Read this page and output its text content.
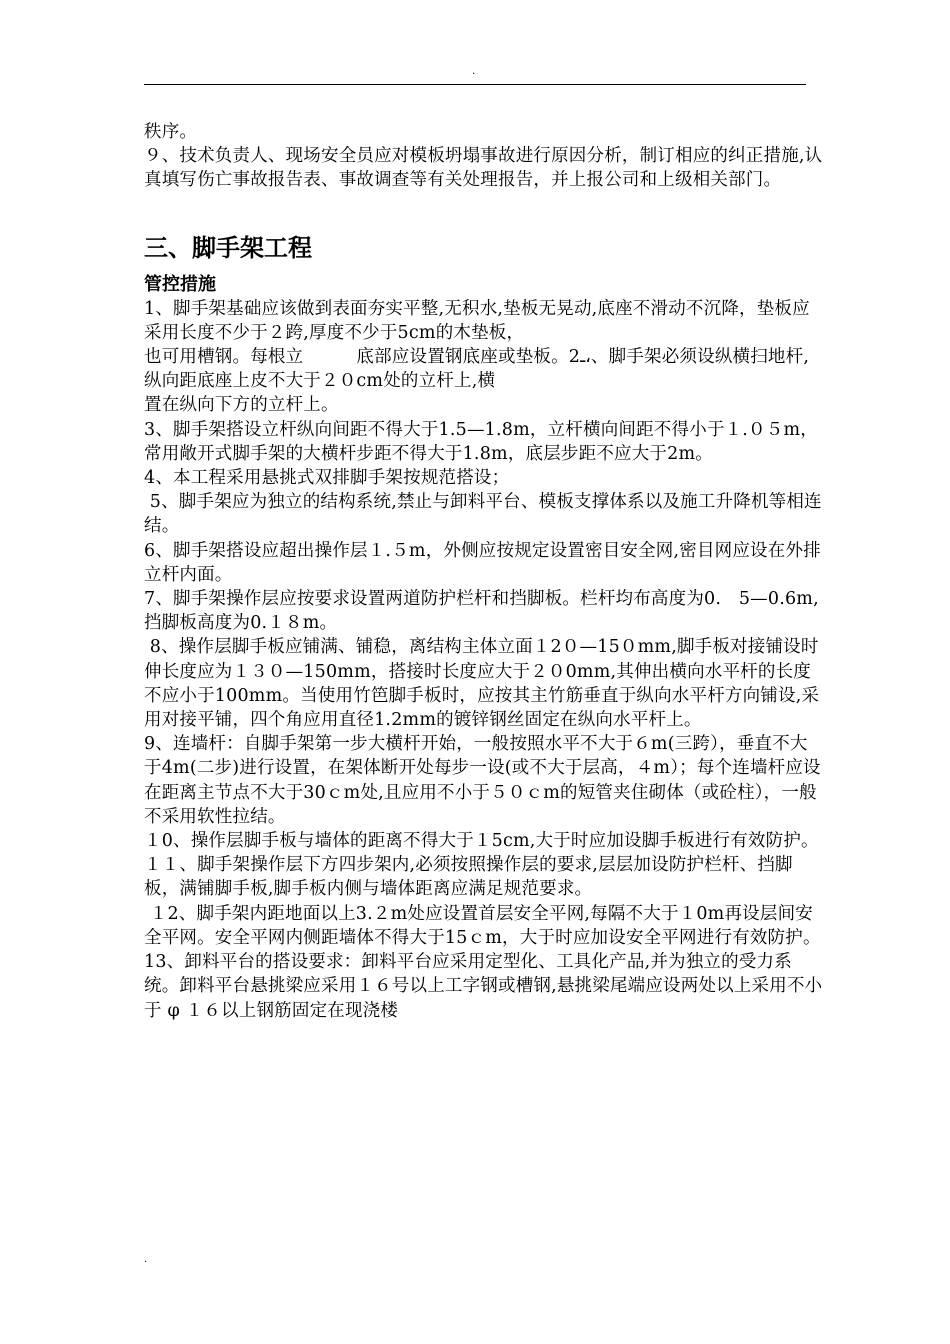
.

秩序。

９、技术负责人、现场安全员应对模板坍塌事故进行原因分析，制订相应的纠正措施,认真填写伤亡事故报告表、事故调查等有关处理报告，并上报公司和上级相关部门。

三、脚手架工程
管控措施

1、脚手架基础应该做到表面夯实平整,无积水,垫板无晃动,底座不滑动不沉降，垫板应采用长度不少于２跨,厚度不少于5cm的木垫板，

也可用槽钢。每根立　　　底部应设置钢底座或垫板。2ـ،、脚手架必须设纵横扫地杆,纵向距底座上皮不大于２０cm处的立杆上,横

置在纵向下方的立杆上。

3、脚手架搭设立杆纵向间距不得大于1.5—1.8m，立杆横向间距不得小于１.０５m，常用敞开式脚手架的大横杆步距不得大于1.8m，底层步距不应大于2m。

4、本工程采用悬挑式双排脚手架按规范搭设；

5、脚手架应为独立的结构系统,禁止与卸料平台、模板支撑体系以及施工升降机等相连结。

6、脚手架搭设应超出操作层１.５m，外侧应按规定设置密目安全网,密目网应设在外排立杆内面。

7、脚手架操作层应按要求设置两道防护栏杆和挡脚板。栏杆均布高度为0.　5—0.6m,挡脚板高度为0.１８m。

8、操作层脚手板应铺满、铺稳，离结构主体立面１2０—15０mm,脚手板对接铺设时伸长度应为１３０—150mm，搭接时长度应大于２０0mm,其伸出横向水平杆的长度不应小于100mm。当使用竹笆脚手板时，应按其主竹筋垂直于纵向水平杆方向铺设,采用对接平铺，四个角应用直径1.2mm的镀锌钢丝固定在纵向水平杆上。

9、连墙杆：自脚手架第一步大横杆开始，一般按照水平不大于６m(三跨），垂直不大于4m(二步)进行设置，在架体断开处每步一设(或不大于层高，４m）；每个连墙杆应设在距离主节点不大于30ｃm处,且应用不小于５０ｃm的短管夹住砌体（或砼柱），一般不采用软性拉结。

１0、操作层脚手板与墙体的距离不得大于１5cm,大于时应加设脚手板进行有效防护。

１１、脚手架操作层下方四步架内,必须按照操作层的要求,层层加设防护栏杆、挡脚板，满铺脚手板,脚手板内侧与墙体距离应满足规范要求。

１2、脚手架内距地面以上3.２m处应设置首层安全平网,每隔不大于１0m再设层间安全平网。安全平网内侧距墙体不得大于15ｃm，大于时应加设安全平网进行有效防护。

13、卸料平台的搭设要求：卸料平台应采用定型化、工具化产品,并为独立的受力系统。卸料平台悬挑梁应采用１６号以上工字钢或槽钢,悬挑梁尾端应设两处以上采用不小于 φ １６以上钢筋固定在现浇楼

.
